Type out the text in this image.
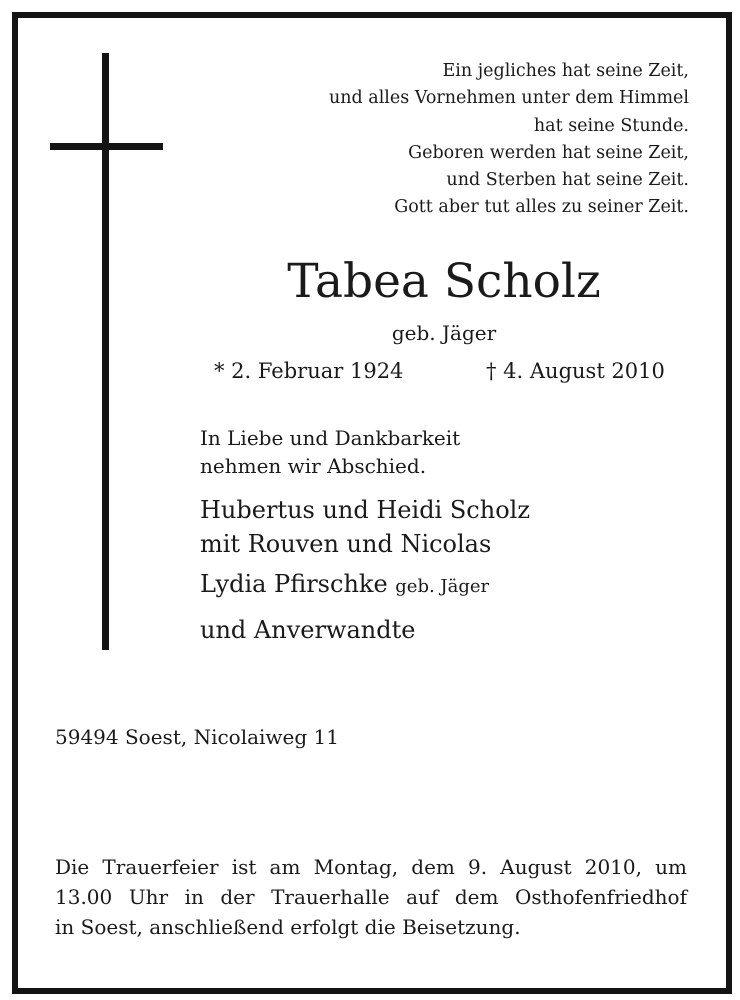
Ein jegliches hat seine Zeit,
und alles Vornehmen unter dem Himmel
hat seine Stunde.
Geboren werden hat seine Zeit,
und Sterben hat seine Zeit.
Gott aber tut alles zu seiner Zeit.
Tabea Scholz
geb. Jäger
* 2. Februar 1924	† 4. August 2010
In Liebe und Dankbarkeit
nehmen wir Abschied.
Hubertus und Heidi Scholz
mit Rouven und Nicolas
Lydia Pfirschke geb. Jäger
und Anverwandte
59494 Soest, Nicolaiweg 11
Die Trauerfeier ist am Montag, dem 9. August 2010, um
13.00 Uhr in der Trauerhalle auf dem Osthofenfriedhof
in Soest, anschließend erfolgt die Beisetzung.
